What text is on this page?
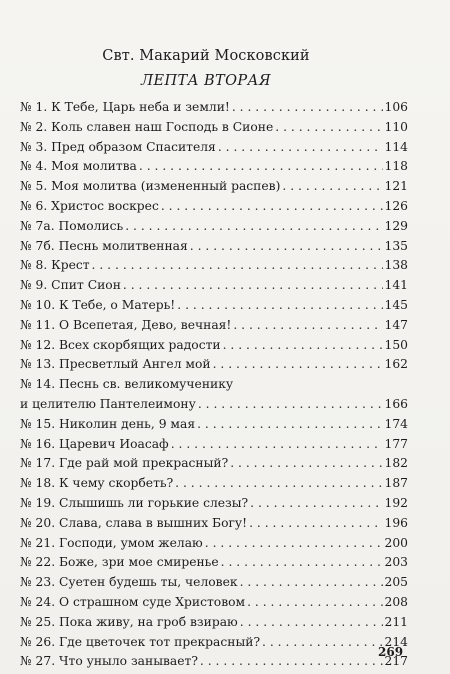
Свт. Макарий Московский
ЛЕПТА ВТОРАЯ
№ 1. К Тебе, Царь неба и земли! . . .	106
№ 2. Коль славен наш Господь в Сионе . . .	110
№ 3. Пред образом Спасителя . . .	114
№ 4. Моя молитва . . .	118
№ 5. Моя молитва (измененный распев) . . .	121
№ 6. Христос воскрес . . .	126
№ 7а. Помолись . . .	129
№ 7б. Песнь молитвенная . . .	135
№ 8. Крест . . .	138
№ 9. Спит Сион . . .	141
№ 10. К Тебе, о Матерь! . . .	145
№ 11. О Всепетая, Дево, вечная! . . .	147
№ 12. Всех скорбящих радости . . .	150
№ 13. Пресветлый Ангел мой . . .	162
№ 14. Песнь св. великомученику
и целителю Пантелеимону . . .	166
№ 15. Николин день, 9 мая . . .	174
№ 16. Царевич Иоасаф . . .	177
№ 17. Где рай мой прекрасный? . . .	182
№ 18. К чему скорбеть? . . .	187
№ 19. Слышишь ли горькие слезы? . . .	192
№ 20. Слава, слава в вышних Богу! . . .	196
№ 21. Господи, умом желаю . . .	200
№ 22. Боже, зри мое смиренье . . .	203
№ 23. Суетен будешь ты, человек . . .	205
№ 24. О страшном суде Христовом . . .	208
№ 25. Пока живу, на гроб взираю . . .	211
№ 26. Где цветочек тот прекрасный? . . .	214
№ 27. Что уныло занывает? . . .	217
269
